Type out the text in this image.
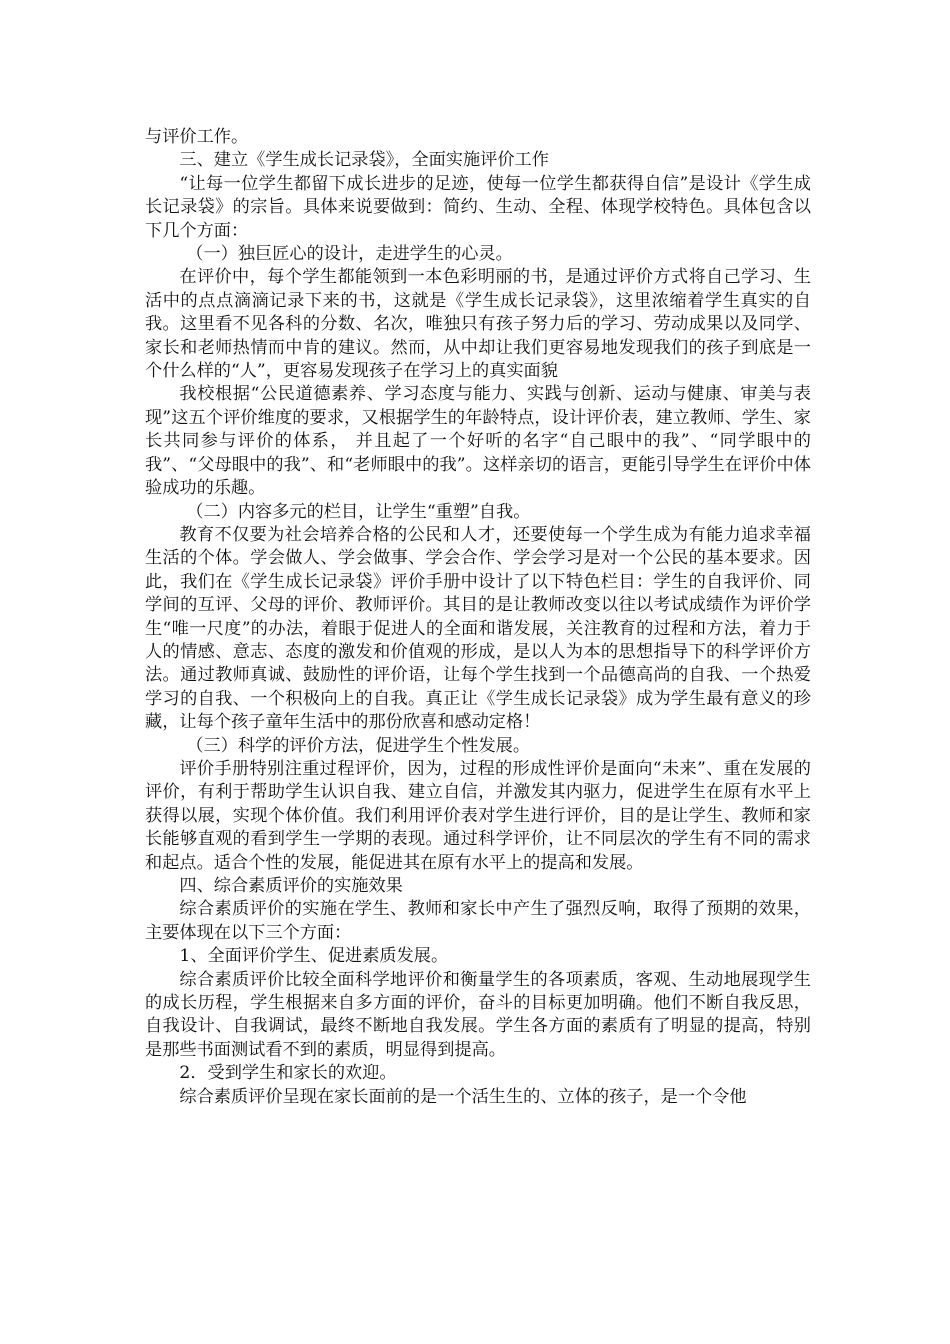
与评价工作。

三、建立《学生成长记录袋》，全面实施评价工作

“让每一位学生都留下成长进步的足迹，使每一位学生都获得自信”是设计《学生成长记录袋》的宗旨。具体来说要做到：简约、生动、全程、体现学校特色。具体包含以下几个方面：

（一）独巨匠心的设计，走进学生的心灵。

在评价中，每个学生都能领到一本色彩明丽的书，是通过评价方式将自己学习、生活中的点点滴滴记录下来的书，这就是《学生成长记录袋》，这里浓缩着学生真实的自我。这里看不见各科的分数、名次，唯独只有孩子努力后的学习、劳动成果以及同学、家长和老师热情而中肯的建议。然而，从中却让我们更容易地发现我们的孩子到底是一个什么样的“人”，更容易发现孩子在学习上的真实面貌

我校根据“公民道德素养、学习态度与能力、实践与创新、运动与健康、审美与表现”这五个评价维度的要求，又根据学生的年龄特点，设计评价表，建立教师、学生、家长共同参与评价的体系， 并且起了一个好听的名字“自己眼中的我”、“同学眼中的我”、“父母眼中的我”、和“老师眼中的我”。这样亲切的语言，更能引导学生在评价中体验成功的乐趣。

（二）内容多元的栏目，让学生“重塑”自我。

教育不仅要为社会培养合格的公民和人才，还要使每一个学生成为有能力追求幸福生活的个体。学会做人、学会做事、学会合作、学会学习是对一个公民的基本要求。因此，我们在《学生成长记录袋》评价手册中设计了以下特色栏目：学生的自我评价、同学间的互评、父母的评价、教师评价。其目的是让教师改变以往以考试成绩作为评价学生“唯一尺度”的办法，着眼于促进人的全面和谐发展，关注教育的过程和方法，着力于人的情感、意志、态度的激发和价值观的形成，是以人为本的思想指导下的科学评价方法。通过教师真诚、鼓励性的评价语，让每个学生找到一个品德高尚的自我、一个热爱学习的自我、一个积极向上的自我。真正让《学生成长记录袋》成为学生最有意义的珍藏，让每个孩子童年生活中的那份欣喜和感动定格！

（三）科学的评价方法，促进学生个性发展。

评价手册特别注重过程评价，因为，过程的形成性评价是面向“未来”、重在发展的评价，有利于帮助学生认识自我、建立自信，并激发其内驱力，促进学生在原有水平上获得以展，实现个体价值。我们利用评价表对学生进行评价，目的是让学生、教师和家长能够直观的看到学生一学期的表现。通过科学评价，让不同层次的学生有不同的需求和起点。适合个性的发展，能促进其在原有水平上的提高和发展。

四、综合素质评价的实施效果

综合素质评价的实施在学生、教师和家长中产生了强烈反响，取得了预期的效果，主要体现在以下三个方面：

1、全面评价学生、促进素质发展。

综合素质评价比较全面科学地评价和衡量学生的各项素质，客观、生动地展现学生的成长历程，学生根据来自多方面的评价，奋斗的目标更加明确。他们不断自我反思，自我设计、自我调试，最终不断地自我发展。学生各方面的素质有了明显的提高，特别是那些书面测试看不到的素质，明显得到提高。

2．受到学生和家长的欢迎。

综合素质评价呈现在家长面前的是一个活生生的、立体的孩子，是一个令他
